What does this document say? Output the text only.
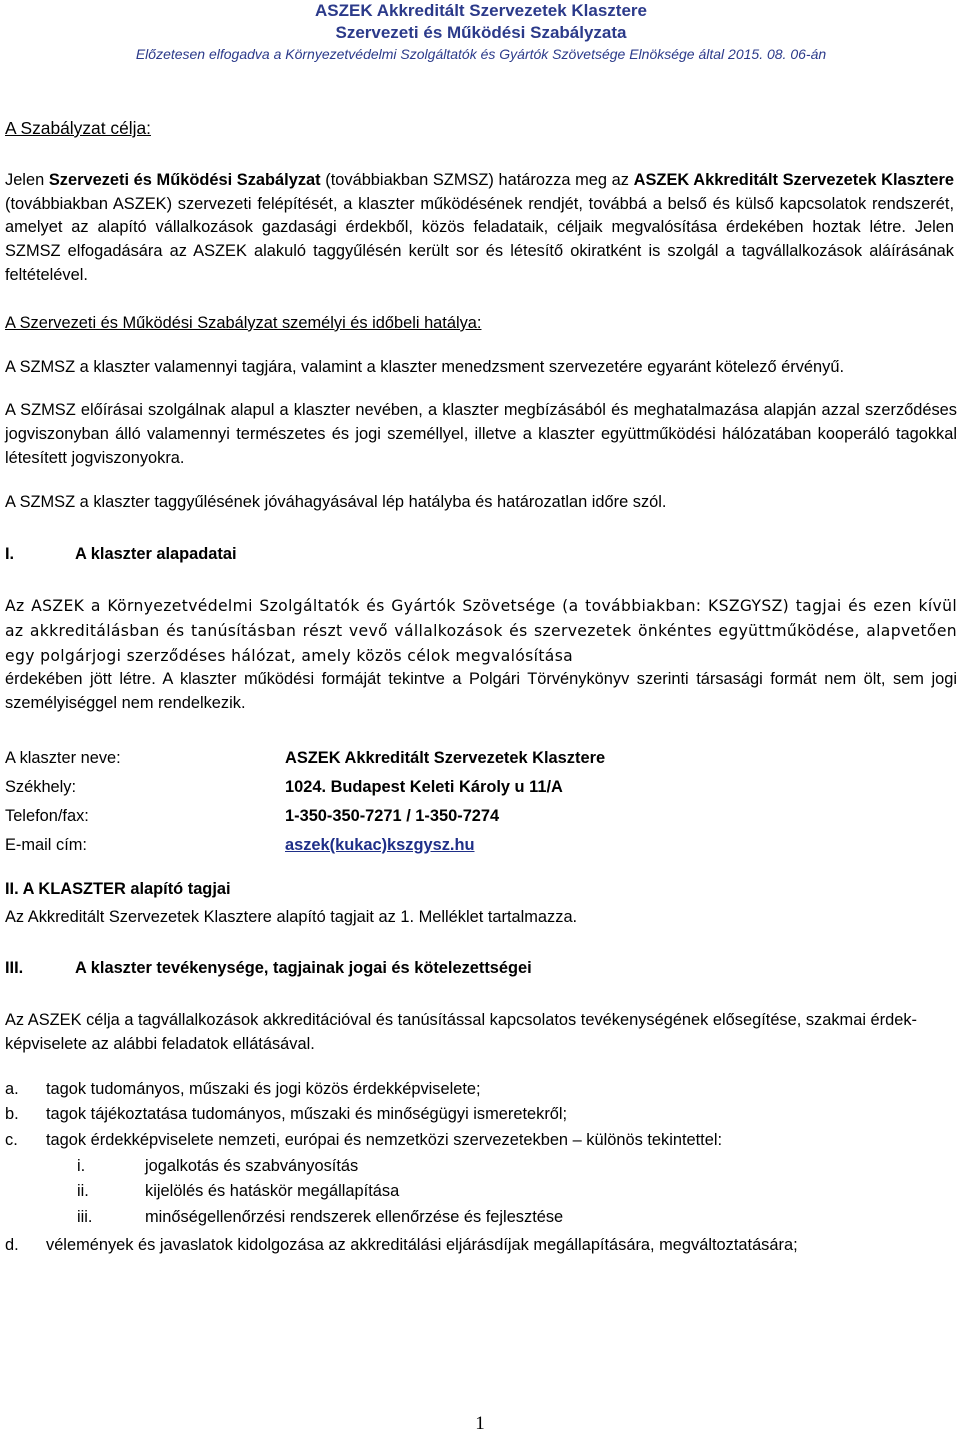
ASZEK Akkreditált Szervezetek Klasztere
Szervezeti és Működési Szabályzata
Előzetesen elfogadva a Környezetvédelmi Szolgáltatók és Gyártók Szövetsége Elnöksége által 2015. 08. 06-án

A Szabályzat célja:

Jelen Szervezeti és Működési Szabályzat (továbbiakban SZMSZ) határozza meg az ASZEK Akkreditált Szervezetek Klasztere (továbbiakban ASZEK) szervezeti felépítését, a klaszter működésének rendjét, továbbá a belső és külső kapcsolatok rendszerét, amelyet az alapító vállalkozások gazdasági érdekből, közös feladataik, céljaik megvalósítása érdekében hoztak létre. Jelen SZMSZ elfogadására az ASZEK alakuló taggyűlésén került sor és létesítő okiratként is szolgál a tagvállalkozások aláírásának feltételével.

A Szervezeti és Működési Szabályzat személyi és időbeli hatálya:

A SZMSZ a klaszter valamennyi tagjára, valamint a klaszter menedzsment szervezetére egyaránt kötelező érvényű.

A SZMSZ előírásai szolgálnak alapul a klaszter nevében, a klaszter megbízásából és meghatalmazása alapján azzal szerződéses jogviszonyban álló valamennyi természetes és jogi személlyel, illetve a klaszter együttműködési hálózatában kooperáló tagokkal létesített jogviszonyokra.

A SZMSZ a klaszter taggyűlésének jóváhagyásával lép hatályba és határozatlan időre szól.

I.	A klaszter alapadatai

Az ASZEK a Környezetvédelmi Szolgáltatók és Gyártók Szövetsége (a továbbiakban: KSZGYSZ) tagjai és ezen kívül az akkreditálásban és tanúsításban részt vevő vállalkozások és szervezetek önkéntes együttműködése, alapvetően egy polgárjogi szerződéses hálózat, amely közös célok megvalósítása

érdekében jött létre. A klaszter működési formáját tekintve a Polgári Törvénykönyv szerinti társasági formát nem ölt, sem jogi személyiséggel nem rendelkezik.

A klaszter neve:	ASZEK Akkreditált Szervezetek Klasztere
Székhely:	1024. Budapest Keleti Károly u 11/A
Telefon/fax:	1-350-350-7271 / 1-350-7274
E-mail cím:	aszek(kukac)kszgysz.hu

II. A KLASZTER alapító tagjai

Az Akkreditált Szervezetek Klasztere alapító tagjait az 1. Melléklet tartalmazza.

III.	A klaszter tevékenysége, tagjainak jogai és kötelezettségei

Az ASZEK célja a tagvállalkozások akkreditációval és tanúsítással kapcsolatos tevékenységének elősegítése, szakmai érdek-képviselete az alábbi feladatok ellátásával.

a.	tagok tudományos, műszaki és jogi közös érdekképviselete;
b.	tagok tájékoztatása tudományos, műszaki és minőségügyi ismeretekről;
c.	tagok érdekképviselete nemzeti, európai és nemzetközi szervezetekben – különös tekintettel:
i.	jogalkotás és szabványosítás
ii.	kijelölés és hatáskör megállapítása
iii.	minőségellenőrzési rendszerek ellenőrzése és fejlesztése
d.	vélemények és javaslatok kidolgozása az akkreditálási eljárásdíjak megállapítására, megváltoztatására;
1
